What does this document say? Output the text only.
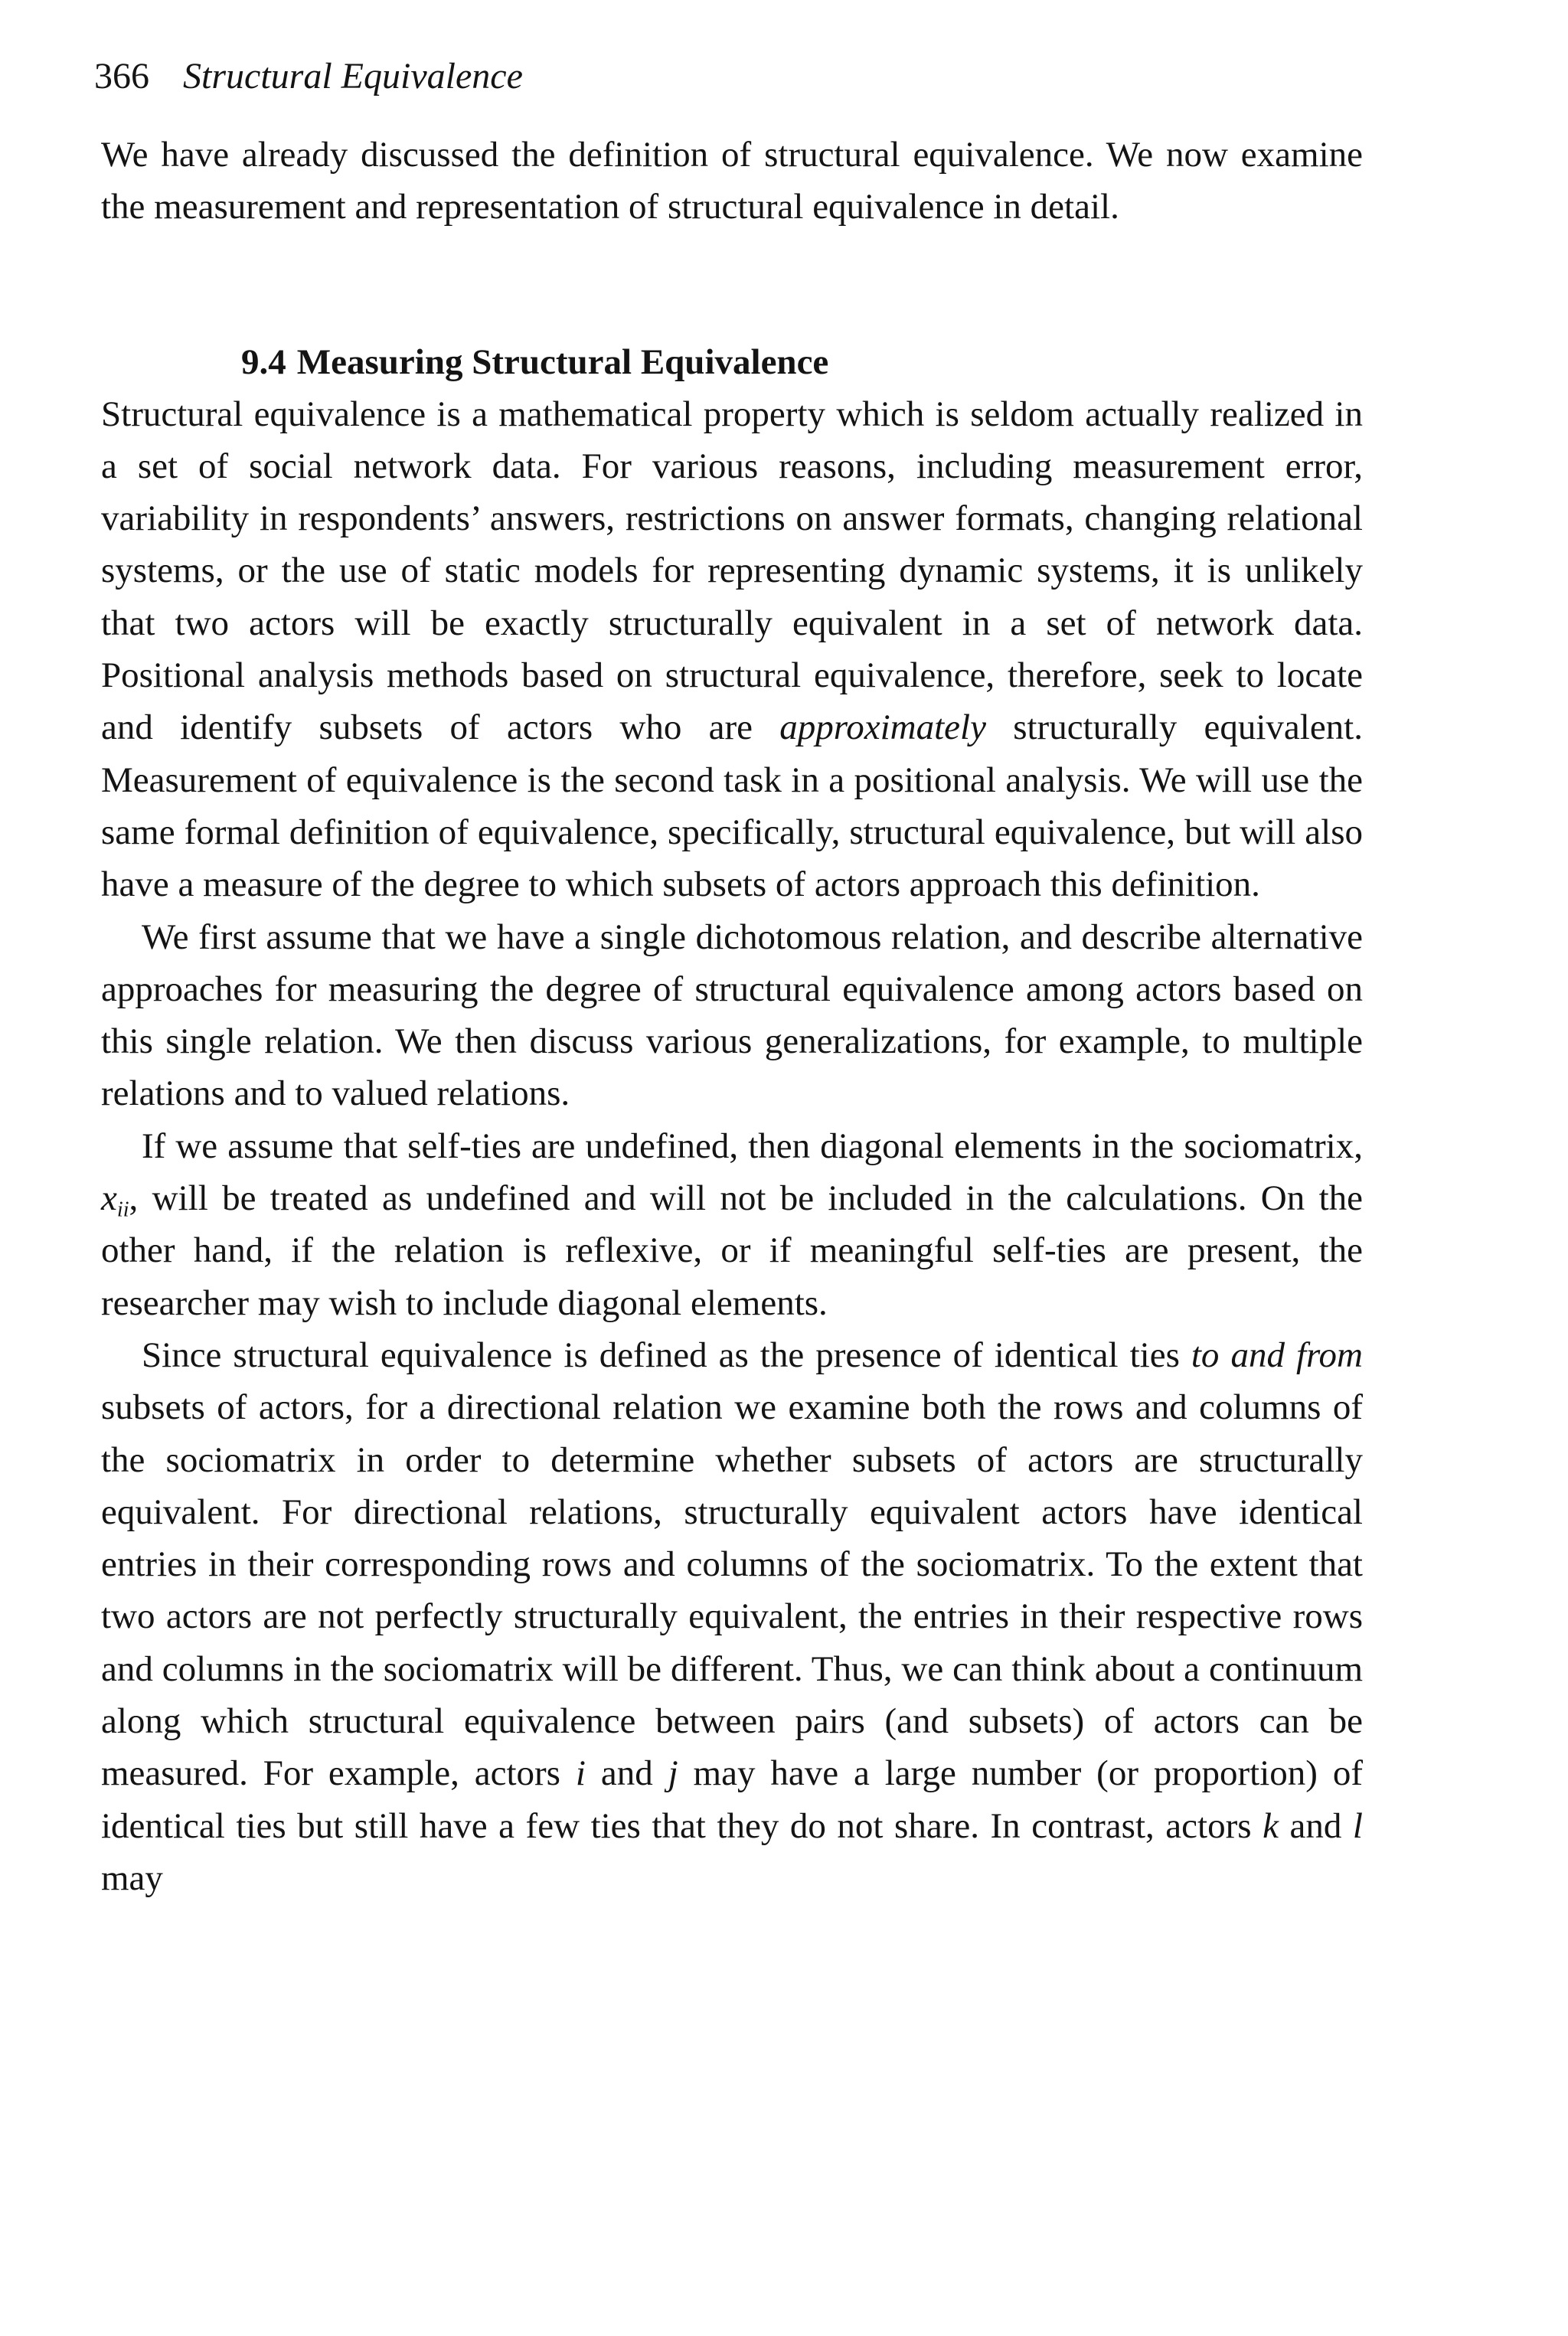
366 Structural Equivalence

We have already discussed the definition of structural equivalence. We now examine the measurement and representation of structural equivalence in detail.

9.4 Measuring Structural Equivalence

Structural equivalence is a mathematical property which is seldom actually realized in a set of social network data. For various reasons, including measurement error, variability in respondents’ answers, restrictions on answer formats, changing relational systems, or the use of static models for representing dynamic systems, it is unlikely that two actors will be exactly structurally equivalent in a set of network data. Positional analysis methods based on structural equivalence, therefore, seek to locate and identify subsets of actors who are approximately structurally equivalent. Measurement of equivalence is the second task in a positional analysis. We will use the same formal definition of equivalence, specifically, structural equivalence, but will also have a measure of the degree to which subsets of actors approach this definition.

We first assume that we have a single dichotomous relation, and describe alternative approaches for measuring the degree of structural equivalence among actors based on this single relation. We then discuss various generalizations, for example, to multiple relations and to valued relations.

If we assume that self-ties are undefined, then diagonal elements in the sociomatrix, $x_{ii}$, will be treated as undefined and will not be included in the calculations. On the other hand, if the relation is reflexive, or if meaningful self-ties are present, the researcher may wish to include diagonal elements.

Since structural equivalence is defined as the presence of identical ties to and from subsets of actors, for a directional relation we examine both the rows and columns of the sociomatrix in order to determine whether subsets of actors are structurally equivalent. For directional relations, structurally equivalent actors have identical entries in their corresponding rows and columns of the sociomatrix. To the extent that two actors are not perfectly structurally equivalent, the entries in their respective rows and columns in the sociomatrix will be different. Thus, we can think about a continuum along which structural equivalence between pairs (and subsets) of actors can be measured. For example, actors i and j may have a large number (or proportion) of identical ties but still have a few ties that they do not share. In contrast, actors k and l may
